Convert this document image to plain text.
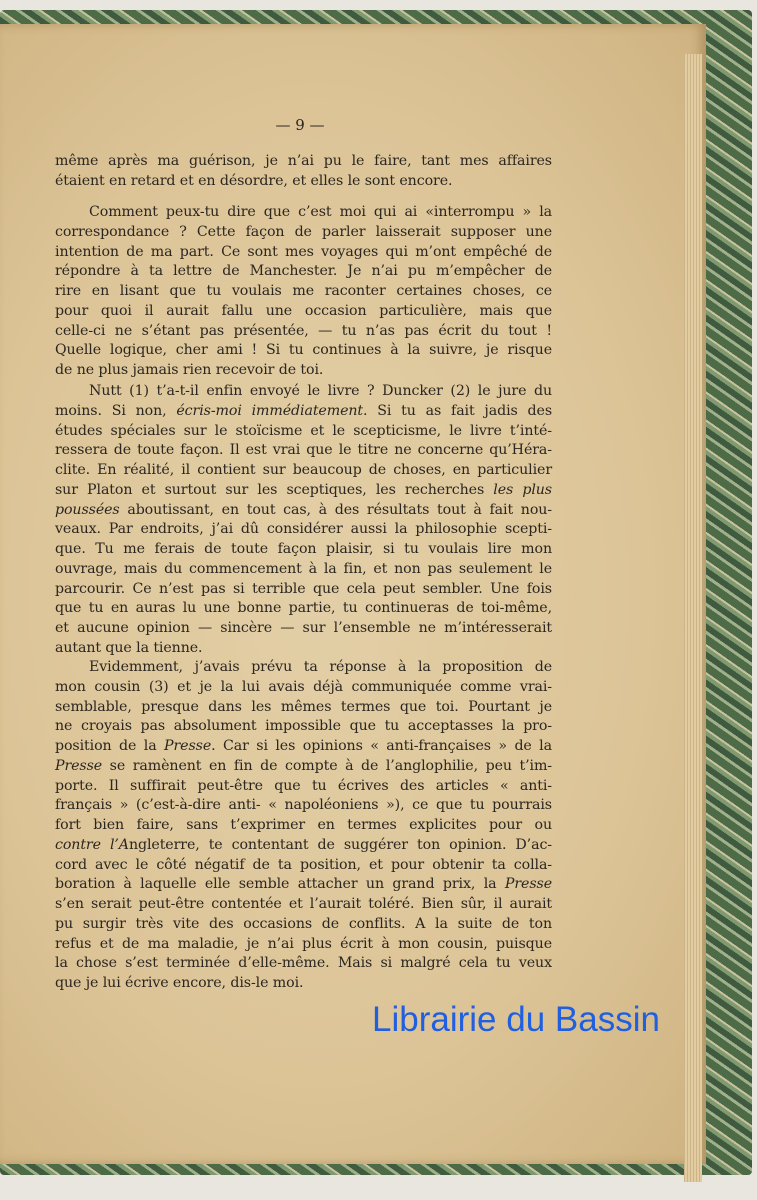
— 9 —
même après ma guérison, je n’ai pu le faire, tant mes affaires
étaient en retard et en désordre, et elles le sont encore.
Comment peux-tu dire que c’est moi qui ai «interrompu » la
correspondance ? Cette façon de parler laisserait supposer une
intention de ma part. Ce sont mes voyages qui m’ont empêché de
répondre à ta lettre de Manchester. Je n’ai pu m’empêcher de
rire en lisant que tu voulais me raconter certaines choses, ce
pour quoi il aurait fallu une occasion particulière, mais que
celle-ci ne s’étant pas présentée, — tu n’as pas écrit du tout !
Quelle logique, cher ami ! Si tu continues à la suivre, je risque
de ne plus jamais rien recevoir de toi.
Nutt (1) t’a-t-il enfin envoyé le livre ? Duncker (2) le jure du
moins. Si non, écris-moi immédiatement. Si tu as fait jadis des
études spéciales sur le stoïcisme et le scepticisme, le livre t’inté-
ressera de toute façon. Il est vrai que le titre ne concerne qu’Héra-
clite. En réalité, il contient sur beaucoup de choses, en particulier
sur Platon et surtout sur les sceptiques, les recherches les plus
poussées aboutissant, en tout cas, à des résultats tout à fait nou-
veaux. Par endroits, j’ai dû considérer aussi la philosophie scepti-
que. Tu me ferais de toute façon plaisir, si tu voulais lire mon
ouvrage, mais du commencement à la fin, et non pas seulement le
parcourir. Ce n’est pas si terrible que cela peut sembler. Une fois
que tu en auras lu une bonne partie, tu continueras de toi-même,
et aucune opinion — sincère — sur l’ensemble ne m’intéresserait
autant que la tienne.
Evidemment, j’avais prévu ta réponse à la proposition de
mon cousin (3) et je la lui avais déjà communiquée comme vrai-
semblable, presque dans les mêmes termes que toi. Pourtant je
ne croyais pas absolument impossible que tu acceptasses la pro-
position de la Presse. Car si les opinions « anti-françaises » de la
Presse se ramènent en fin de compte à de l’anglophilie, peu t’im-
porte. Il suffirait peut-être que tu écrives des articles « anti-
français » (c’est-à-dire anti- « napoléoniens »), ce que tu pourrais
fort bien faire, sans t’exprimer en termes explicites pour ou
contre l’Angleterre, te contentant de suggérer ton opinion. D’ac-
cord avec le côté négatif de ta position, et pour obtenir ta colla-
boration à laquelle elle semble attacher un grand prix, la Presse
s’en serait peut-être contentée et l’aurait toléré. Bien sûr, il aurait
pu surgir très vite des occasions de conflits. A la suite de ton
refus et de ma maladie, je n’ai plus écrit à mon cousin, puisque
la chose s’est terminée d’elle-même. Mais si malgré cela tu veux
que je lui écrive encore, dis-le moi.
Librairie du Bassin
